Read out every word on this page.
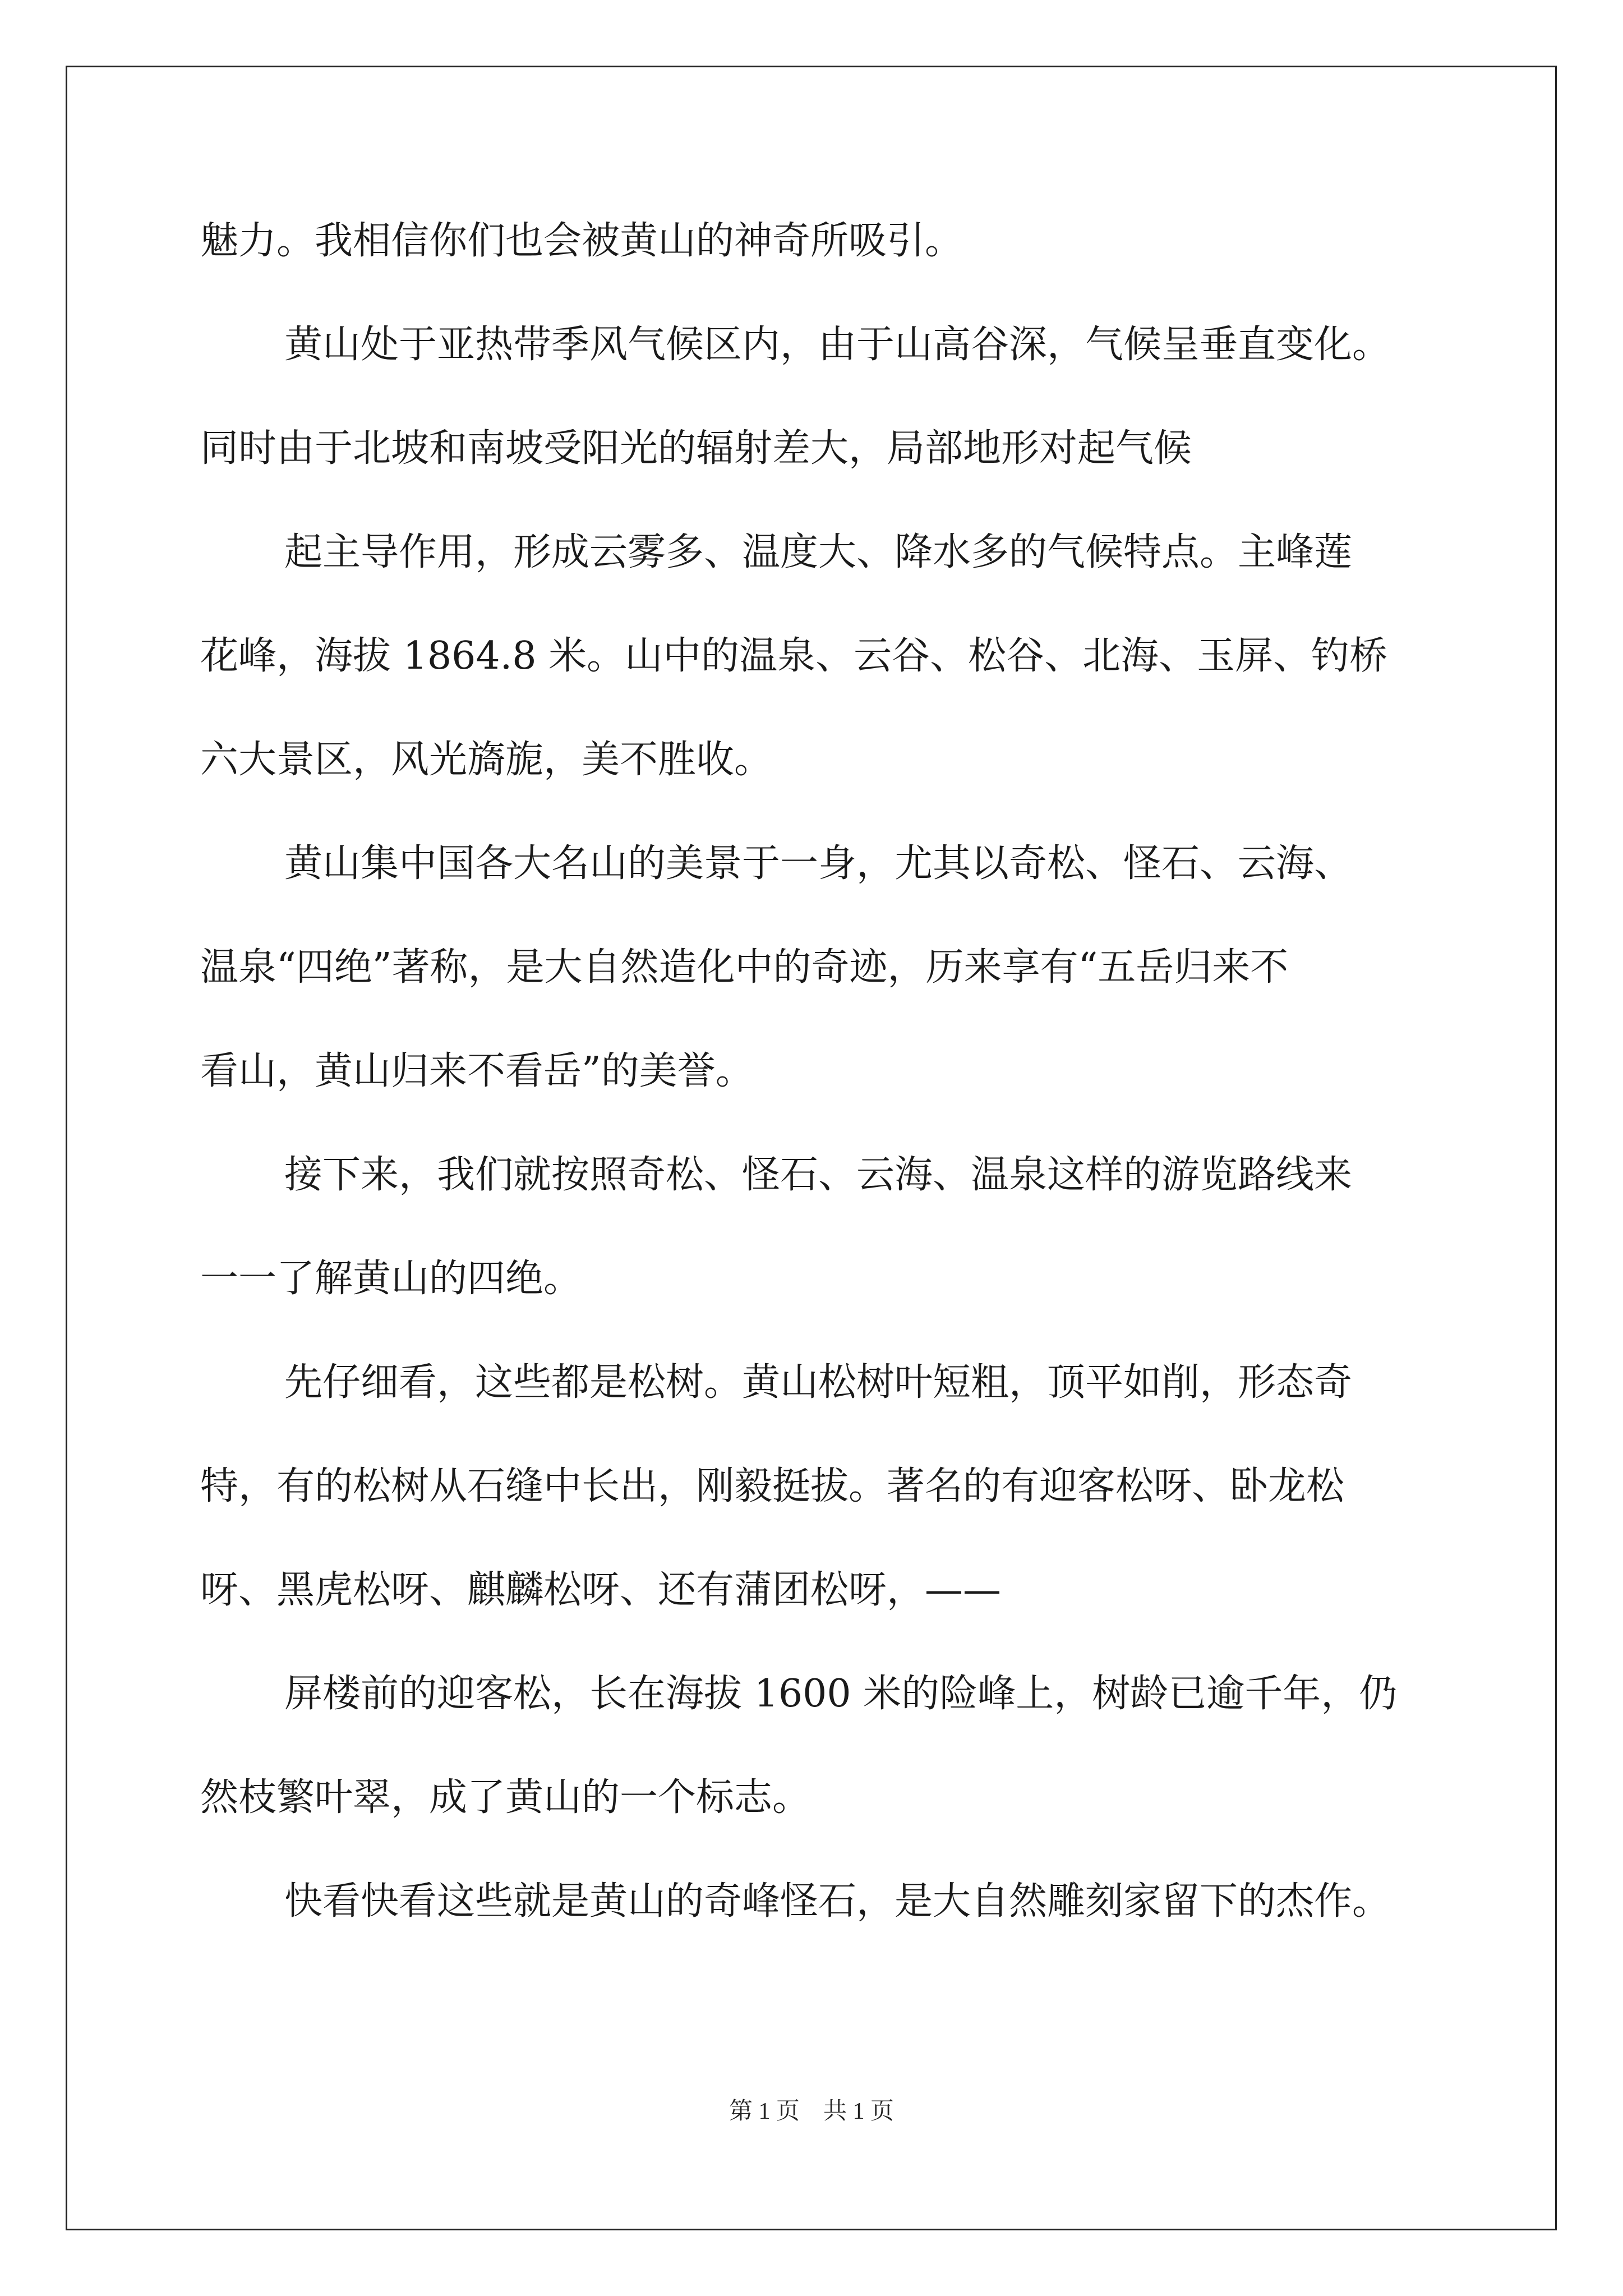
魅力。我相信你们也会被黄山的神奇所吸引。
黄山处于亚热带季风气候区内，由于山高谷深，气候呈垂直变化。
同时由于北坡和南坡受阳光的辐射差大，局部地形对起气候
起主导作用，形成云雾多、温度大、降水多的气候特点。主峰莲
花峰，海拔 1864.8 米。山中的温泉、云谷、松谷、北海、玉屏、钓桥
六大景区，风光旖旎，美不胜收。
黄山集中国各大名山的美景于一身，尤其以奇松、怪石、云海、
温泉“四绝”著称，是大自然造化中的奇迹，历来享有“五岳归来不
看山，黄山归来不看岳”的美誉。
接下来，我们就按照奇松、怪石、云海、温泉这样的游览路线来
一一了解黄山的四绝。
先仔细看，这些都是松树。黄山松树叶短粗，顶平如削，形态奇
特，有的松树从石缝中长出，刚毅挺拔。著名的有迎客松呀、卧龙松
呀、黑虎松呀、麒麟松呀、还有蒲团松呀，——
屏楼前的迎客松，长在海拔 1600 米的险峰上，树龄已逾千年，仍
然枝繁叶翠，成了黄山的一个标志。
快看快看这些就是黄山的奇峰怪石，是大自然雕刻家留下的杰作。
第 1 页　共 1 页
